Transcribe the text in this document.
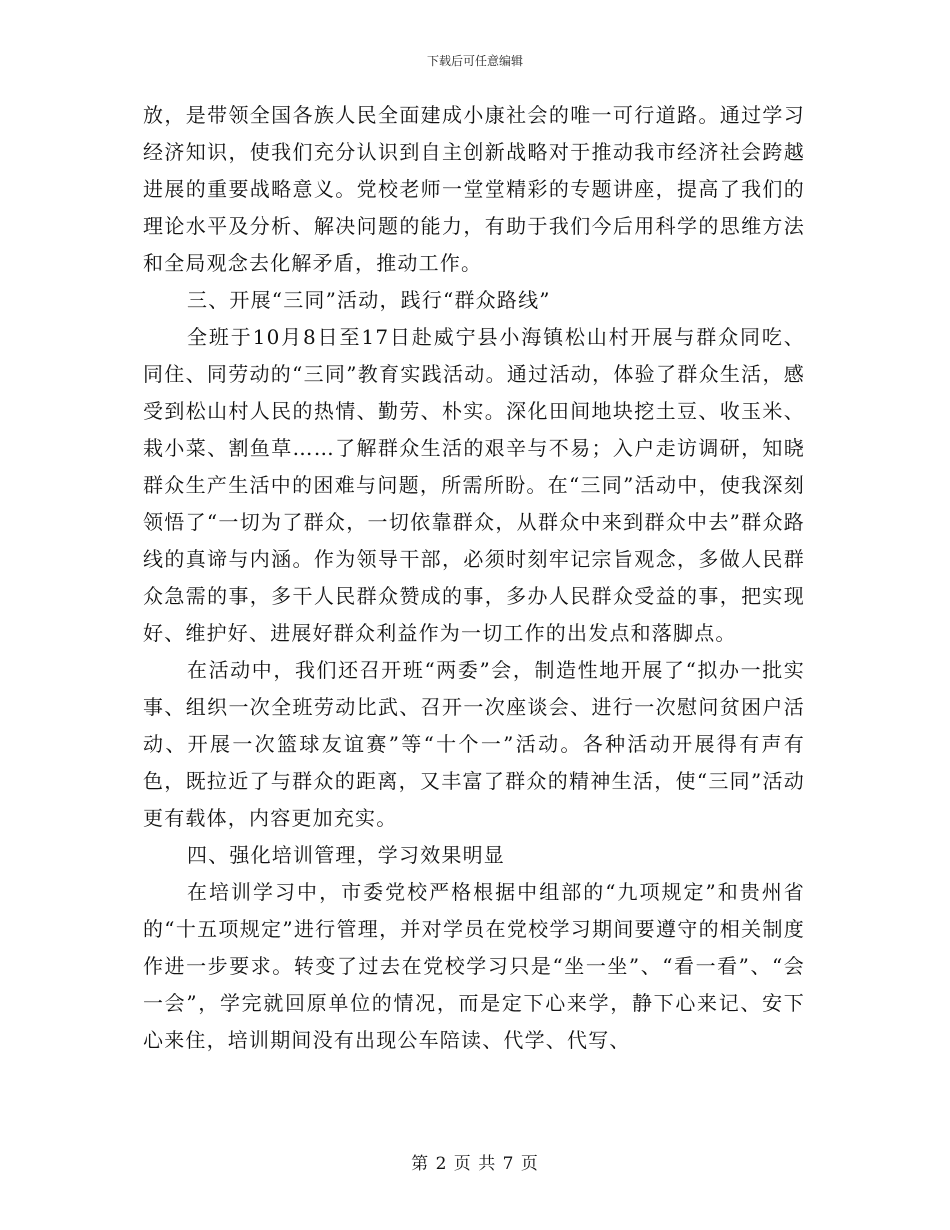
下载后可任意编辑

放，是带领全国各族人民全面建成小康社会的唯一可行道路。通过学习经济知识，使我们充分认识到自主创新战略对于推动我市经济社会跨越进展的重要战略意义。党校老师一堂堂精彩的专题讲座，提高了我们的理论水平及分析、解决问题的能力，有助于我们今后用科学的思维方法和全局观念去化解矛盾，推动工作。

三、开展“三同”活动，践行“群众路线”

全班于10月8日至17日赴威宁县小海镇松山村开展与群众同吃、同住、同劳动的“三同”教育实践活动。通过活动，体验了群众生活，感受到松山村人民的热情、勤劳、朴实。深化田间地块挖土豆、收玉米、栽小菜、割鱼草……了解群众生活的艰辛与不易；入户走访调研，知晓群众生产生活中的困难与问题，所需所盼。在“三同”活动中，使我深刻领悟了“一切为了群众，一切依靠群众，从群众中来到群众中去”群众路线的真谛与内涵。作为领导干部，必须时刻牢记宗旨观念，多做人民群众急需的事，多干人民群众赞成的事，多办人民群众受益的事，把实现好、维护好、进展好群众利益作为一切工作的出发点和落脚点。

在活动中，我们还召开班“两委”会，制造性地开展了“拟办一批实事、组织一次全班劳动比武、召开一次座谈会、进行一次慰问贫困户活动、开展一次篮球友谊赛”等“十个一”活动。各种活动开展得有声有色，既拉近了与群众的距离，又丰富了群众的精神生活，使“三同”活动更有载体，内容更加充实。

四、强化培训管理，学习效果明显

在培训学习中，市委党校严格根据中组部的“九项规定”和贵州省的“十五项规定”进行管理，并对学员在党校学习期间要遵守的相关制度作进一步要求。转变了过去在党校学习只是“坐一坐”、“看一看”、“会一会”，学完就回原单位的情况，而是定下心来学，静下心来记、安下心来住，培训期间没有出现公车陪读、代学、代写、

第 2 页 共 7 页
